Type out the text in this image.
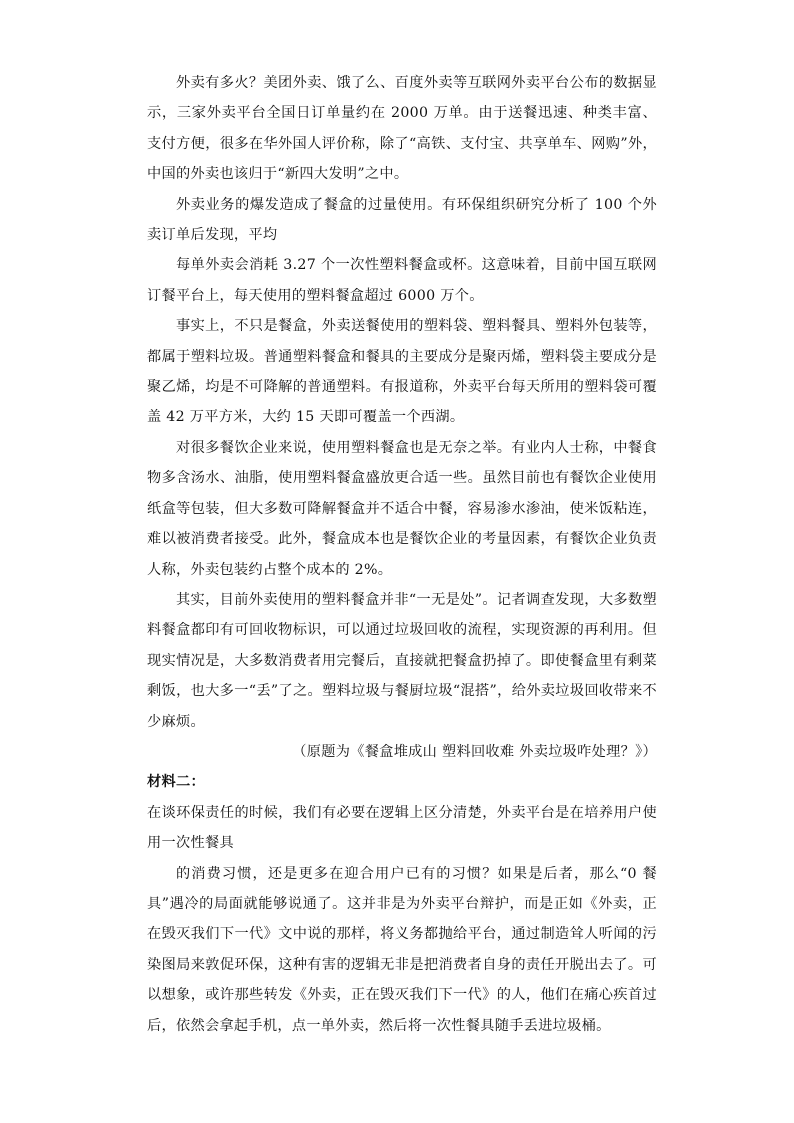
外卖有多火？美团外卖、饿了么、百度外卖等互联网外卖平台公布的数据显示，三家外卖平台全国日订单量约在 2000 万单。由于送餐迅速、种类丰富、支付方便，很多在华外国人评价称，除了“高铁、支付宝、共享单车、网购”外，中国的外卖也该归于“新四大发明”之中。

外卖业务的爆发造成了餐盒的过量使用。有环保组织研究分析了 100 个外卖订单后发现，平均

每单外卖会消耗 3.27 个一次性塑料餐盒或杯。这意味着，目前中国互联网订餐平台上，每天使用的塑料餐盒超过 6000 万个。

事实上，不只是餐盒，外卖送餐使用的塑料袋、塑料餐具、塑料外包装等，都属于塑料垃圾。普通塑料餐盒和餐具的主要成分是聚丙烯，塑料袋主要成分是聚乙烯，均是不可降解的普通塑料。有报道称，外卖平台每天所用的塑料袋可覆盖 42 万平方米，大约 15 天即可覆盖一个西湖。

对很多餐饮企业来说，使用塑料餐盒也是无奈之举。有业内人士称，中餐食物多含汤水、油脂，使用塑料餐盒盛放更合适一些。虽然目前也有餐饮企业使用纸盒等包装，但大多数可降解餐盒并不适合中餐，容易渗水渗油，使米饭粘连，难以被消费者接受。此外，餐盒成本也是餐饮企业的考量因素，有餐饮企业负责人称，外卖包装约占整个成本的 2%。

其实，目前外卖使用的塑料餐盒并非“一无是处”。记者调查发现，大多数塑料餐盒都印有可回收物标识，可以通过垃圾回收的流程，实现资源的再利用。但现实情况是，大多数消费者用完餐后，直接就把餐盒扔掉了。即使餐盒里有剩菜剩饭，也大多一“丢”了之。塑料垃圾与餐厨垃圾“混搭”，给外卖垃圾回收带来不少麻烦。

（原题为《餐盒堆成山 塑料回收难 外卖垃圾咋处理？》）

材料二：

在谈环保责任的时候，我们有必要在逻辑上区分清楚，外卖平台是在培养用户使用一次性餐具

的消费习惯，还是更多在迎合用户已有的习惯？如果是后者，那么“0 餐具”遇冷的局面就能够说通了。这并非是为外卖平台辩护，而是正如《外卖，正在毁灭我们下一代》文中说的那样，将义务都抛给平台，通过制造耸人听闻的污染图局来敦促环保，这种有害的逻辑无非是把消费者自身的责任开脱出去了。可以想象，或许那些转发《外卖，正在毁灭我们下一代》的人，他们在痛心疾首过后，依然会拿起手机，点一单外卖，然后将一次性餐具随手丢进垃圾桶。
